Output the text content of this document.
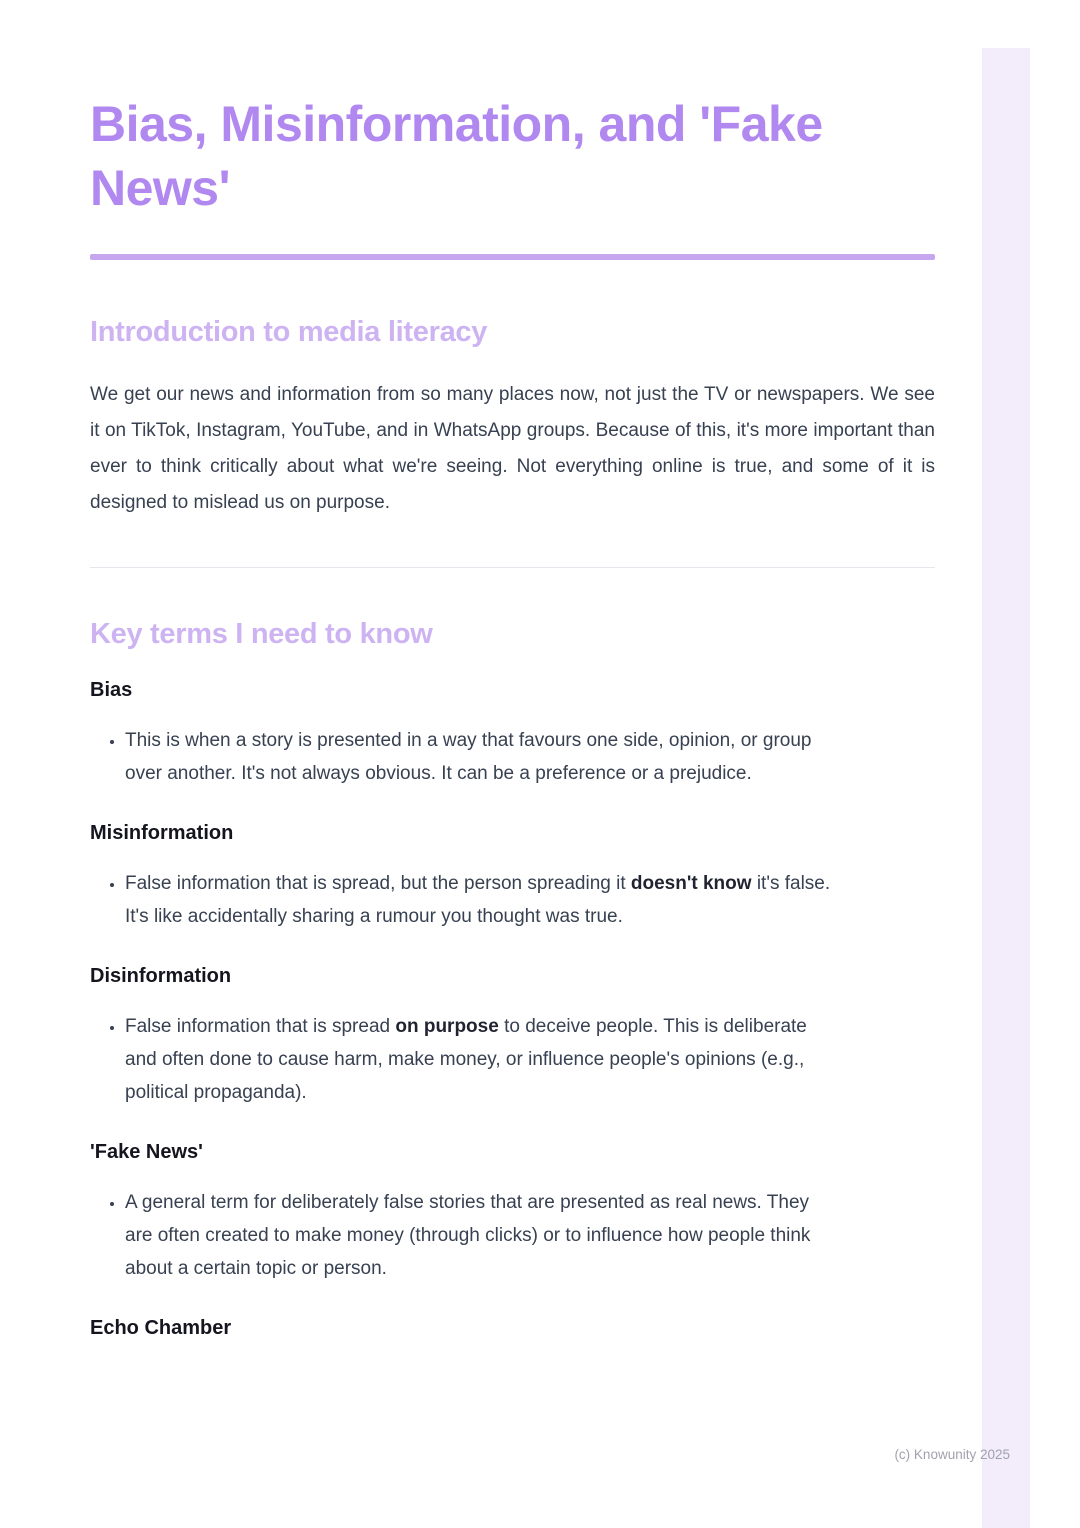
Bias, Misinformation, and 'Fake News'
Introduction to media literacy

We get our news and information from so many places now, not just the TV or newspapers. We see it on TikTok, Instagram, YouTube, and in WhatsApp groups. Because of this, it's more important than ever to think critically about what we're seeing. Not everything online is true, and some of it is designed to mislead us on purpose.

Key terms I need to know
Bias
• This is when a story is presented in a way that favours one side, opinion, or group over another. It's not always obvious. It can be a preference or a prejudice.
Misinformation
• False information that is spread, but the person spreading it doesn't know it's false. It's like accidentally sharing a rumour you thought was true.
Disinformation
• False information that is spread on purpose to deceive people. This is deliberate and often done to cause harm, make money, or influence people's opinions (e.g., political propaganda).
'Fake News'
• A general term for deliberately false stories that are presented as real news. They are often created to make money (through clicks) or to influence how people think about a certain topic or person.
Echo Chamber
(c) Knowunity 2025
